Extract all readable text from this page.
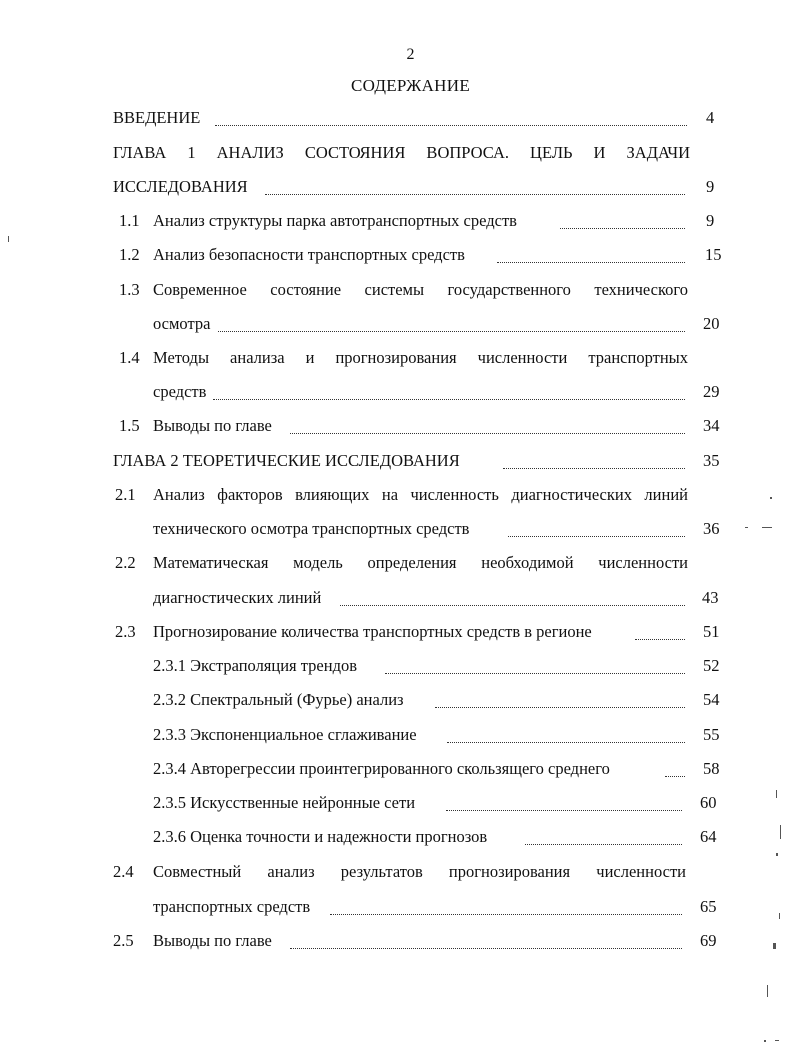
2
СОДЕРЖАНИЕ
ВВЕДЕНИЕ	4
ГЛАВА 1 АНАЛИЗ СОСТОЯНИЯ ВОПРОСА. ЦЕЛЬ И ЗАДАЧИ
ИССЛЕДОВАНИЯ	9
1.1 Анализ структуры парка автотранспортных средств	9
1.2 Анализ безопасности транспортных средств	15
1.3 Современное состояние системы государственного технического
осмотра	20
1.4 Методы анализа и прогнозирования численности транспортных
средств	29
1.5 Выводы по главе	34
ГЛАВА 2 ТЕОРЕТИЧЕСКИЕ ИССЛЕДОВАНИЯ	35
2.1 Анализ факторов влияющих на численность диагностических линий
технического осмотра транспортных средств	36
2.2 Математическая модель определения необходимой численности
диагностических линий	43
2.3 Прогнозирование количества транспортных средств в регионе	51
2.3.1 Экстраполяция трендов	52
2.3.2 Спектральный (Фурье) анализ	54
2.3.3 Экспоненциальное сглаживание	55
2.3.4 Авторегрессии проинтегрированного скользящего среднего	58
2.3.5 Искусственные нейронные сети	60
2.3.6 Оценка точности и надежности прогнозов	64
2.4 Совместный анализ результатов прогнозирования численности
транспортных средств	65
2.5 Выводы по главе	69
